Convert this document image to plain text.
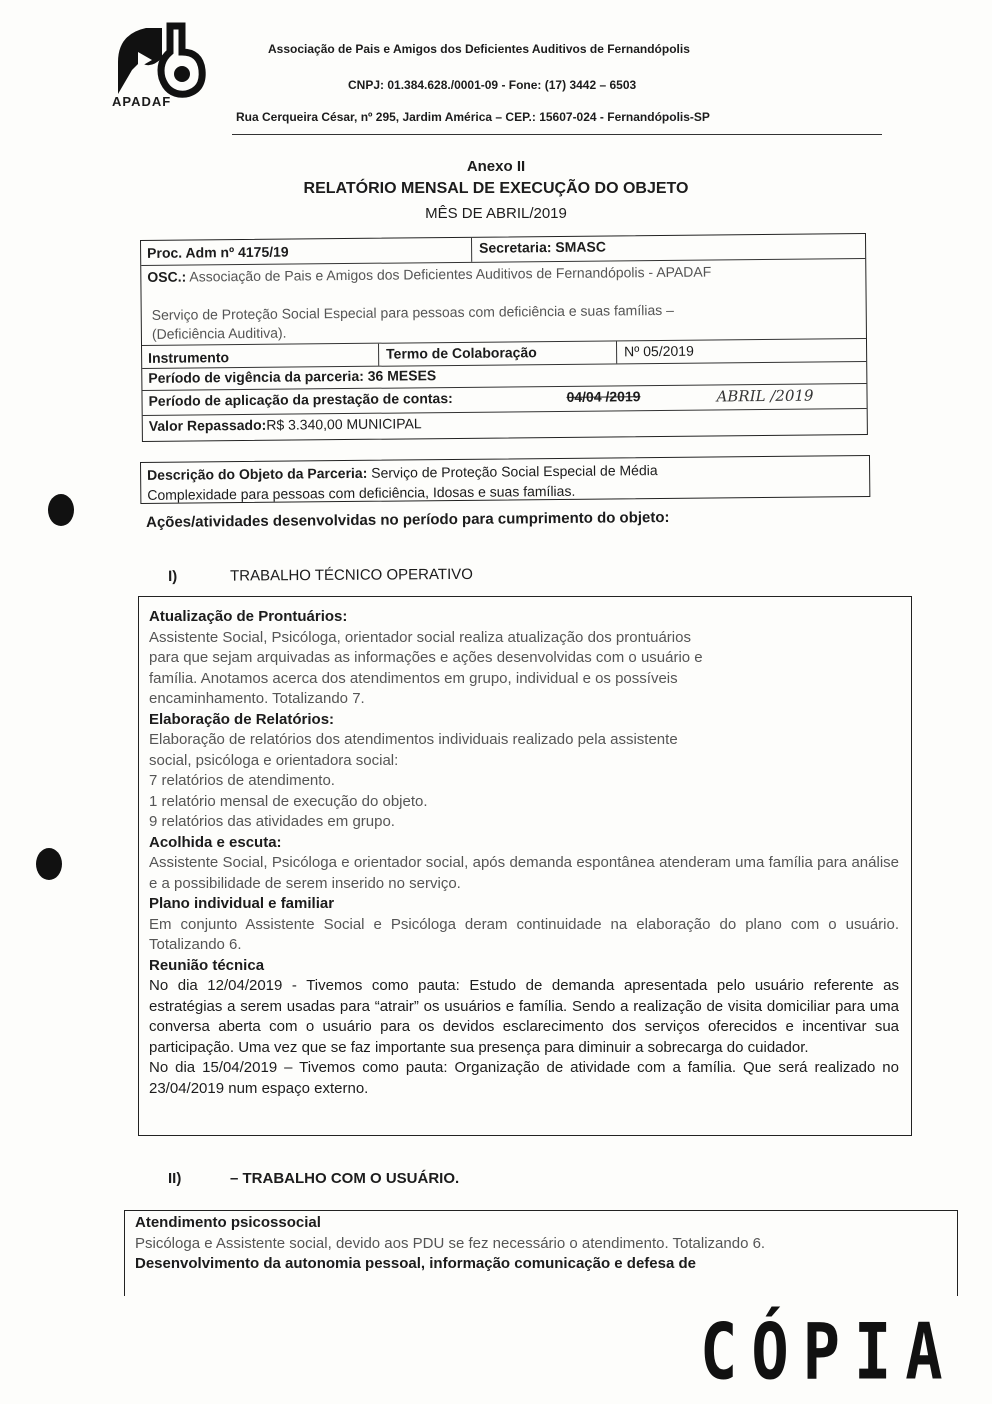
APADAF
Associação de Pais e Amigos dos Deficientes Auditivos de Fernandópolis
CNPJ: 01.384.628./0001-09 - Fone: (17) 3442 – 6503
Rua Cerqueira César, nº 295, Jardim América – CEP.: 15607-024 - Fernandópolis-SP
Anexo II
RELATÓRIO MENSAL DE EXECUÇÃO DO OBJETO
MÊS DE ABRIL/2019
Proc. Adm nº 4175/19	Secretaria: SMASC
OSC.: Associação de Pais e Amigos dos Deficientes Auditivos de Fernandópolis - APADAF
Serviço de Proteção Social Especial para pessoas com deficiência e suas famílias –
(Deficiência Auditiva).
Instrumento	Termo de Colaboração	Nº 05/2019
Período de vigência da parceria: 36 MESES
Período de aplicação da prestação de contas:	04/04 /2019	ABRIL /2019
Valor Repassado:R$ 3.340,00 MUNICIPAL
Descrição do Objeto da Parceria: Serviço de Proteção Social Especial de Média
Complexidade para pessoas com deficiência, Idosas e suas famílias.
Ações/atividades desenvolvidas no período para cumprimento do objeto:
I)	TRABALHO TÉCNICO OPERATIVO
Atualização de Prontuários:
Assistente Social, Psicóloga, orientador social realiza atualização dos prontuários
para que sejam arquivadas as informações e ações desenvolvidas com o usuário e
família. Anotamos acerca dos atendimentos em grupo, individual e os possíveis
encaminhamento. Totalizando 7.
Elaboração de Relatórios:
Elaboração de relatórios dos atendimentos individuais realizado pela assistente
social, psicóloga e orientadora social:
7 relatórios de atendimento.
1 relatório mensal de execução do objeto.
9 relatórios das atividades em grupo.
Acolhida e escuta:

Assistente Social, Psicóloga e orientador social, após demanda espontânea atenderam uma família para análise e a possibilidade de serem inserido no serviço.

Plano individual e familiar

Em conjunto Assistente Social e Psicóloga deram continuidade na elaboração do plano com o usuário. Totalizando 6.

Reunião técnica

No dia 12/04/2019 - Tivemos como pauta: Estudo de demanda apresentada pelo usuário referente as estratégias a serem usadas para “atrair” os usuários e família. Sendo a realização de visita domiciliar para uma conversa aberta com o usuário para os devidos esclarecimento dos serviços oferecidos e incentivar sua participação. Uma vez que se faz importante sua presença para diminuir a sobrecarga do cuidador.

No dia 15/04/2019 – Tivemos como pauta: Organização de atividade com a família. Que será realizado no 23/04/2019 num espaço externo.

II)	– TRABALHO COM O USUÁRIO.
Atendimento psicossocial

Psicóloga e Assistente social, devido aos PDU se fez necessário o atendimento. Totalizando 6.

Desenvolvimento da autonomia pessoal, informação comunicação e defesa de
CÓPIA
